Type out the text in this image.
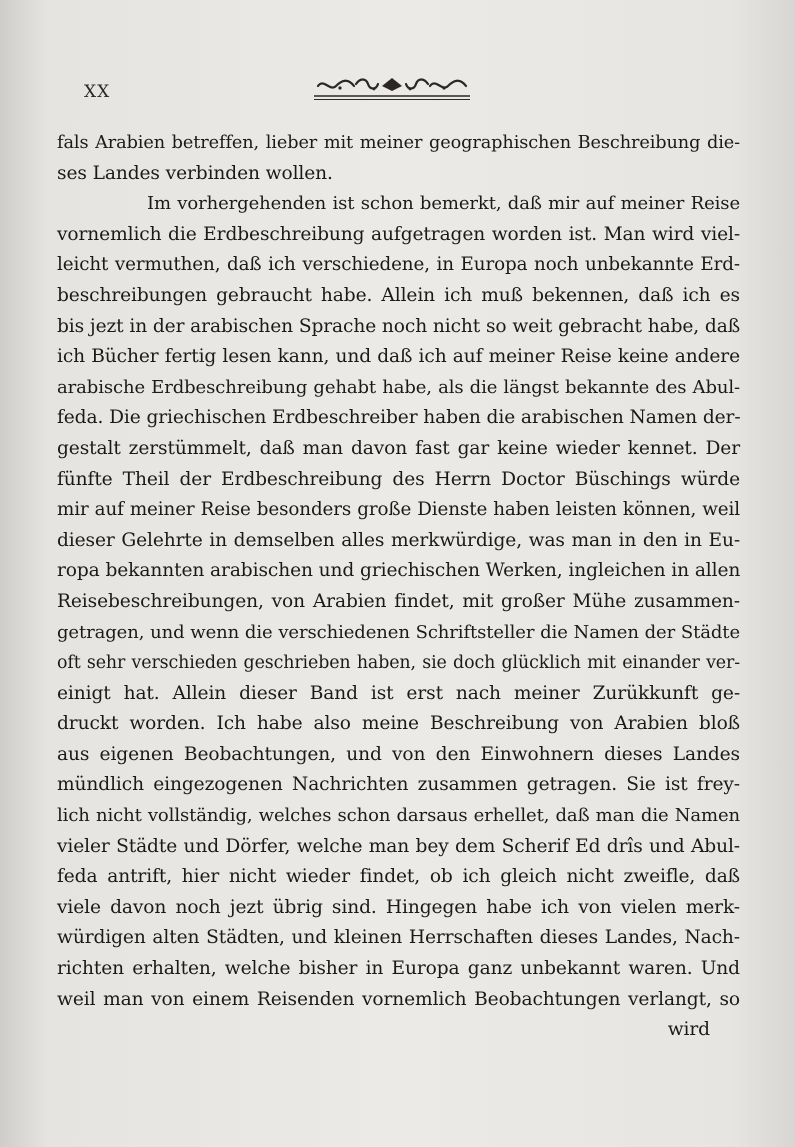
XX
fals Arabien betreffen, lieber mit meiner geographischen Beschreibung die-
ses Landes verbinden wollen.
Im vorhergehenden ist schon bemerkt, daß mir auf meiner Reise
vornemlich die Erdbeschreibung aufgetragen worden ist. Man wird viel-
leicht vermuthen, daß ich verschiedene, in Europa noch unbekannte Erd-
beschreibungen gebraucht habe. Allein ich muß bekennen, daß ich es
bis jezt in der arabischen Sprache noch nicht so weit gebracht habe, daß
ich Bücher fertig lesen kann, und daß ich auf meiner Reise keine andere
arabische Erdbeschreibung gehabt habe, als die längst bekannte des Abul-
feda. Die griechischen Erdbeschreiber haben die arabischen Namen der-
gestalt zerstümmelt, daß man davon fast gar keine wieder kennet. Der
fünfte Theil der Erdbeschreibung des Herrn Doctor Büschings würde
mir auf meiner Reise besonders große Dienste haben leisten können, weil
dieser Gelehrte in demselben alles merkwürdige, was man in den in Eu-
ropa bekannten arabischen und griechischen Werken, ingleichen in allen
Reisebeschreibungen, von Arabien findet, mit großer Mühe zusammen-
getragen, und wenn die verschiedenen Schriftsteller die Namen der Städte
oft sehr verschieden geschrieben haben, sie doch glücklich mit einander ver-
einigt hat. Allein dieser Band ist erst nach meiner Zurükkunft ge-
druckt worden. Ich habe also meine Beschreibung von Arabien bloß
aus eigenen Beobachtungen, und von den Einwohnern dieses Landes
mündlich eingezogenen Nachrichten zusammen getragen. Sie ist frey-
lich nicht vollständig, welches schon darsaus erhellet, daß man die Namen
vieler Städte und Dörfer, welche man bey dem Scherif Ed drîs und Abul-
feda antrift, hier nicht wieder findet, ob ich gleich nicht zweifle, daß
viele davon noch jezt übrig sind. Hingegen habe ich von vielen merk-
würdigen alten Städten, und kleinen Herrschaften dieses Landes, Nach-
richten erhalten, welche bisher in Europa ganz unbekannt waren. Und
weil man von einem Reisenden vornemlich Beobachtungen verlangt, so
wird
